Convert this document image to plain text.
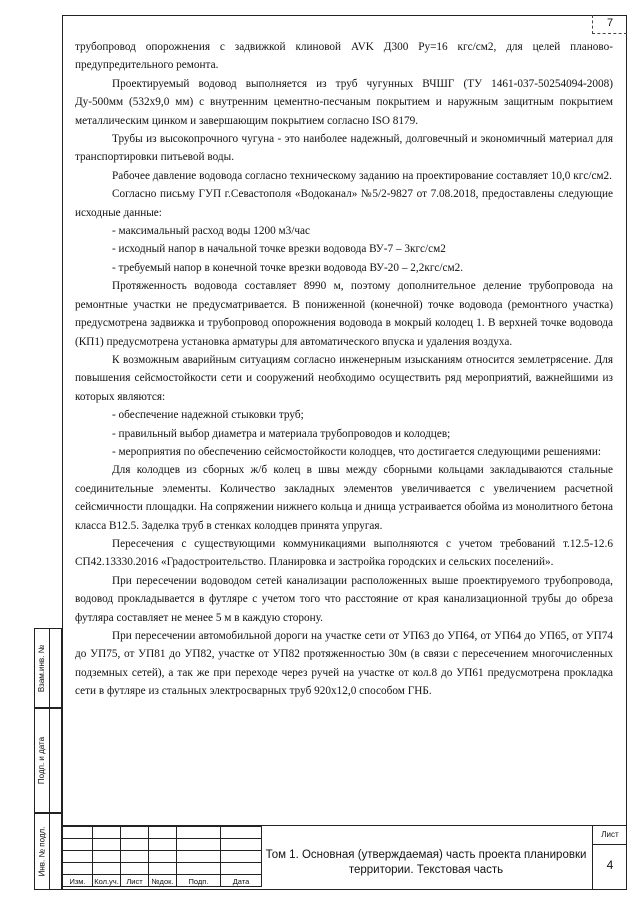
7

трубопровод опорожнения с задвижкой клиновой AVK Д300 Ру=16 кгс/см2, для целей планово-предупредительного ремонта.

Проектируемый водовод выполняется из труб чугунных ВЧШГ (ТУ 1461-037-50254094-2008) Ду-500мм (532х9,0 мм) с внутренним цементно-песчаным покрытием и наружным защитным покрытием металлическим цинком и завершающим покрытием согласно ISO 8179.

Трубы из высокопрочного чугуна - это наиболее надежный, долговечный и экономичный материал для транспортировки питьевой воды.

Рабочее давление водовода согласно техническому заданию на проектирование составляет 10,0 кгс/см2.

Согласно письму ГУП г.Севастополя «Водоканал» №5/2-9827 от 7.08.2018, предоставлены следующие исходные данные:

- максимальный расход воды 1200 м3/час

- исходный напор в начальной точке врезки водовода ВУ-7 – 3кгс/см2

- требуемый напор в конечной точке врезки водовода ВУ-20 – 2,2кгс/см2.

Протяженность водовода составляет 8990 м, поэтому дополнительное деление трубопровода на ремонтные участки не предусматривается. В пониженной (конечной) точке водовода (ремонтного участка) предусмотрена задвижка и трубопровод опорожнения водовода в мокрый колодец 1. В верхней точке водовода (КП1) предусмотрена установка арматуры для автоматического впуска и удаления воздуха.

К возможным аварийным ситуациям согласно инженерным изысканиям относится землетрясение. Для повышения сейсмостойкости сети и сооружений необходимо осуществить ряд мероприятий, важнейшими из которых являются:

- обеспечение надежной стыковки труб;

- правильный выбор диаметра и материала трубопроводов и колодцев;

- мероприятия по обеспечению сейсмостойкости колодцев, что достигается следующими решениями:

Для колодцев из сборных ж/б колец в швы между сборными кольцами закладываются стальные соединительные элементы. Количество закладных элементов увеличивается с увеличением расчетной сейсмичности площадки. На сопряжении нижнего кольца и днища устраивается обойма из монолитного бетона класса В12.5. Заделка труб в стенках колодцев принята упругая.

Пересечения с существующими коммуникациями выполняются с учетом требований т.12.5-12.6 СП42.13330.2016 «Градостроительство. Планировка и застройка городских и сельских поселений».

При пересечении водоводом сетей канализации расположенных выше проектируемого трубопровода, водовод прокладывается в футляре с учетом того что расстояние от края канализационной трубы до обреза футляра составляет не менее 5 м в каждую сторону.

При пересечении автомобильной дороги на участке сети от УП63 до УП64, от УП64 до УП65, от УП74 до УП75, от УП81 до УП82, участке от УП82 протяженностью 30м (в связи с пересечением многочисленных подземных сетей), а так же при переходе через ручей на участке от кол.8 до УП61 предусмотрена прокладка сети в футляре из стальных электросварных труб 920х12,0 способом ГНБ.

Взам.инв. №
Подп. и дата
Инв. № подл.

Изм.	Кол.уч.	Лист	№док.	Подп.	Дата
Том 1. Основная (утверждаемая) часть проекта планировки территории. Текстовая часть
Лист
4
